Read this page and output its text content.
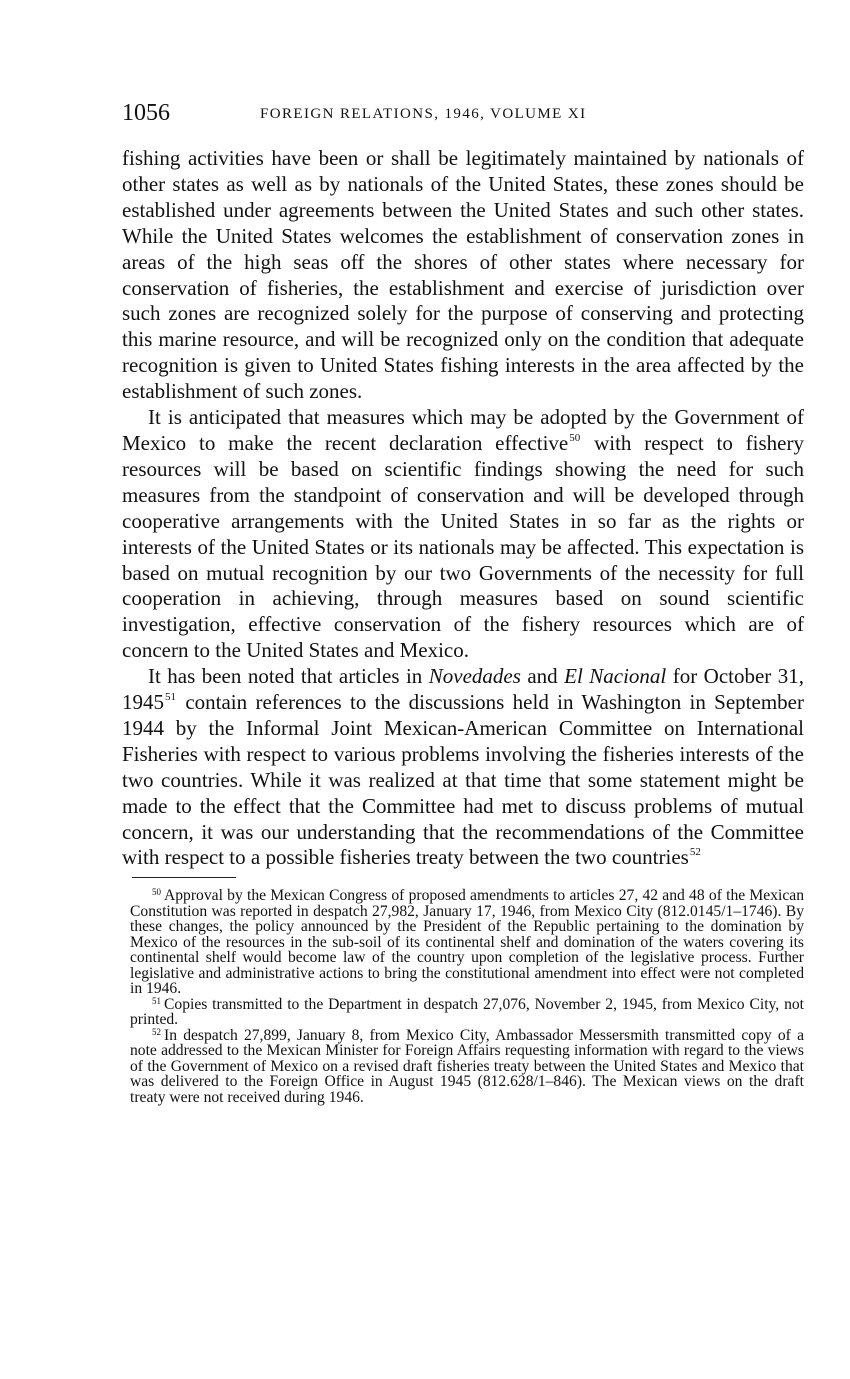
1056	FOREIGN RELATIONS, 1946, VOLUME XI

fishing activities have been or shall be legitimately maintained by nationals of other states as well as by nationals of the United States, these zones should be established under agreements between the United States and such other states. While the United States welcomes the establishment of conservation zones in areas of the high seas off the shores of other states where necessary for conservation of fisheries, the establishment and exercise of jurisdiction over such zones are recognized solely for the purpose of conserving and protecting this marine resource, and will be recognized only on the condition that adequate recognition is given to United States fishing interests in the area affected by the establishment of such zones.

It is anticipated that measures which may be adopted by the Government of Mexico to make the recent declaration effective$^{50}$ with respect to fishery resources will be based on scientific findings showing the need for such measures from the standpoint of conservation and will be developed through cooperative arrangements with the United States in so far as the rights or interests of the United States or its nationals may be affected. This expectation is based on mutual recognition by our two Governments of the necessity for full cooperation in achieving, through measures based on sound scientific investigation, effective conservation of the fishery resources which are of concern to the United States and Mexico.

It has been noted that articles in Novedades and El Nacional for October 31, 1945$^{51}$ contain references to the discussions held in Washington in September 1944 by the Informal Joint Mexican-American Committee on International Fisheries with respect to various problems involving the fisheries interests of the two countries. While it was realized at that time that some statement might be made to the effect that the Committee had met to discuss problems of mutual concern, it was our understanding that the recommendations of the Committee with respect to a possible fisheries treaty between the two countries$^{52}$

$^{50}$ Approval by the Mexican Congress of proposed amendments to articles 27, 42 and 48 of the Mexican Constitution was reported in despatch 27,982, January 17, 1946, from Mexico City (812.0145/1–1746). By these changes, the policy announced by the President of the Republic pertaining to the domination by Mexico of the resources in the sub-soil of its continental shelf and domination of the waters covering its continental shelf would become law of the country upon completion of the legislative process. Further legislative and administrative actions to bring the constitutional amendment into effect were not completed in 1946.

$^{51}$ Copies transmitted to the Department in despatch 27,076, November 2, 1945, from Mexico City, not printed.

$^{52}$ In despatch 27,899, January 8, from Mexico City, Ambassador Messersmith transmitted copy of a note addressed to the Mexican Minister for Foreign Affairs requesting information with regard to the views of the Government of Mexico on a revised draft fisheries treaty between the United States and Mexico that was delivered to the Foreign Office in August 1945 (812.628/1–846). The Mexican views on the draft treaty were not received during 1946.
